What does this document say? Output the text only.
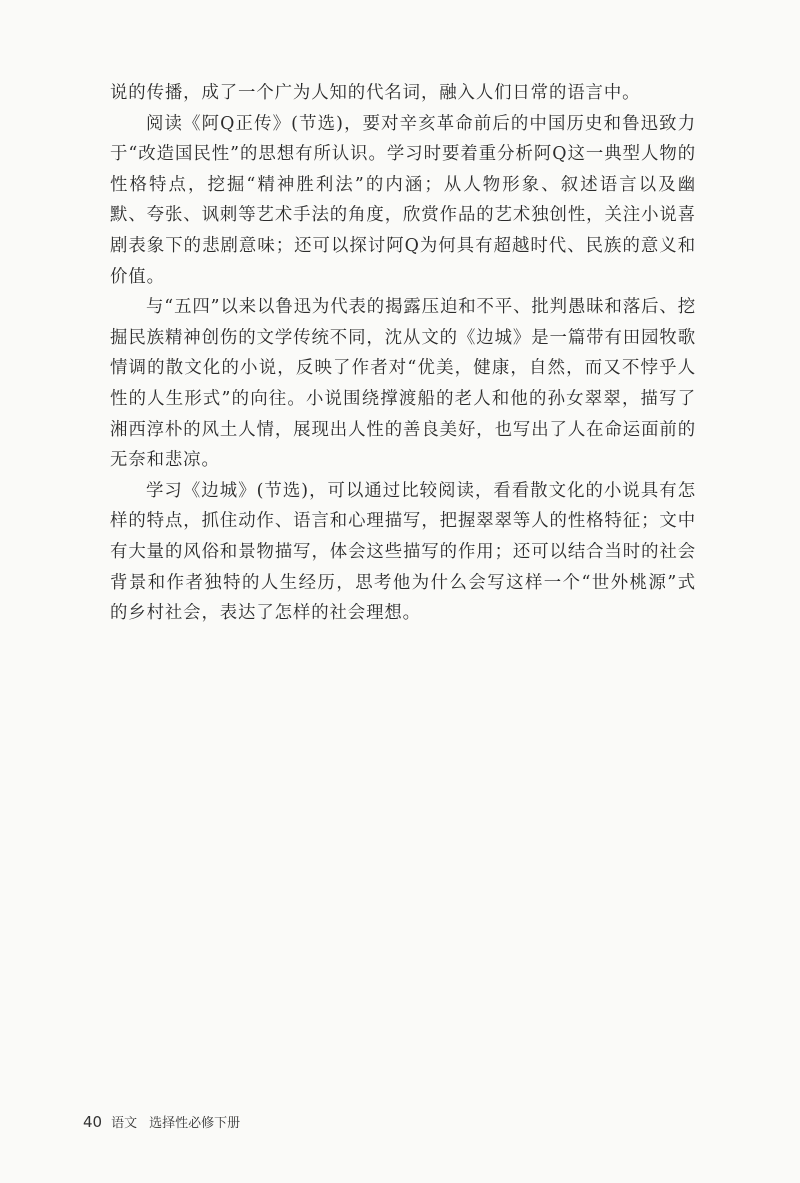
说的传播，成了一个广为人知的代名词，融入人们日常的语言中。

阅读《阿Q正传》(节选)，要对辛亥革命前后的中国历史和鲁迅致力于“改造国民性”的思想有所认识。学习时要着重分析阿Q这一典型人物的性格特点，挖掘“精神胜利法”的内涵；从人物形象、叙述语言以及幽默、夸张、讽刺等艺术手法的角度，欣赏作品的艺术独创性，关注小说喜剧表象下的悲剧意味；还可以探讨阿Q为何具有超越时代、民族的意义和价值。

与“五四”以来以鲁迅为代表的揭露压迫和不平、批判愚昧和落后、挖掘民族精神创伤的文学传统不同，沈从文的《边城》是一篇带有田园牧歌情调的散文化的小说，反映了作者对“优美，健康，自然，而又不悖乎人性的人生形式”的向往。小说围绕撑渡船的老人和他的孙女翠翠，描写了湘西淳朴的风土人情，展现出人性的善良美好，也写出了人在命运面前的无奈和悲凉。

学习《边城》(节选)，可以通过比较阅读，看看散文化的小说具有怎样的特点，抓住动作、语言和心理描写，把握翠翠等人的性格特征；文中有大量的风俗和景物描写，体会这些描写的作用；还可以结合当时的社会背景和作者独特的人生经历，思考他为什么会写这样一个“世外桃源”式的乡村社会，表达了怎样的社会理想。

40 语文 选择性必修下册
